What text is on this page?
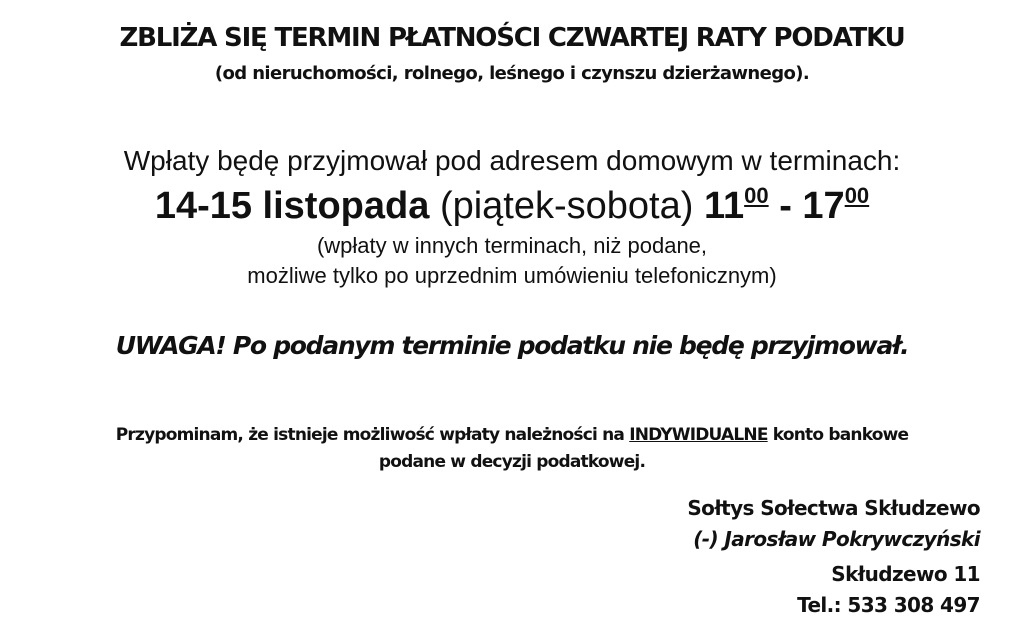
ZBLIŻA SIĘ TERMIN PŁATNOŚCI CZWARTEJ RATY PODATKU
(od nieruchomości, rolnego, leśnego i czynszu dzierżawnego).
Wpłaty będę przyjmował pod adresem domowym w terminach:
14-15 listopada (piątek-sobota) $11^{00} - 17^{00}$
(wpłaty w innych terminach, niż podane,
możliwe tylko po uprzednim umówieniu telefonicznym)
UWAGA! Po podanym terminie podatku nie będę przyjmował.
Przypominam, że istnieje możliwość wpłaty należności na INDYWIDUALNE konto bankowe
podane w decyzji podatkowej.
Sołtys Sołectwa Skłudzewo
(-) Jarosław Pokrywczyński
Skłudzewo 11
Tel.: 533 308 497
